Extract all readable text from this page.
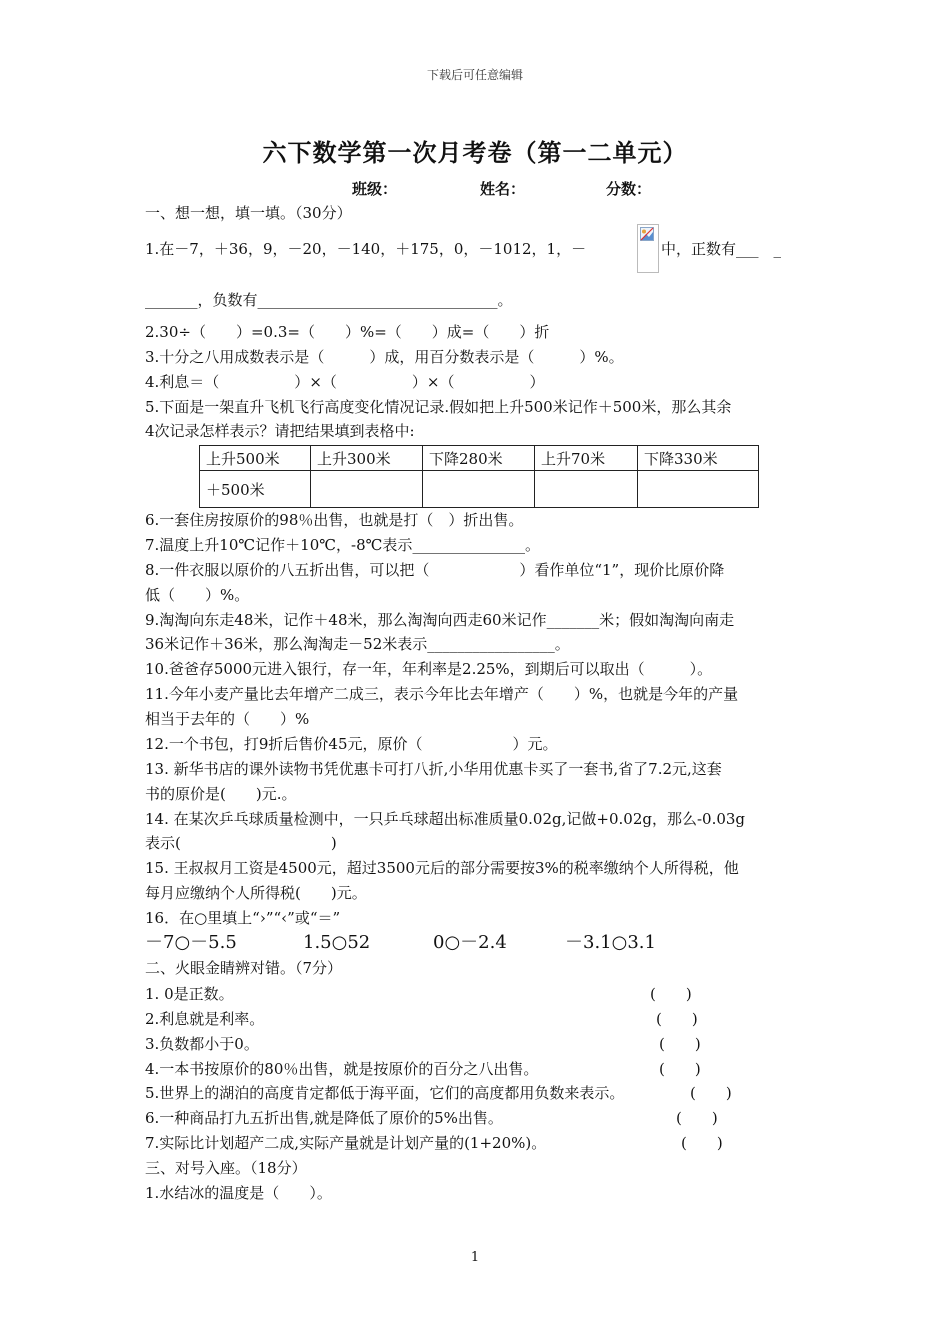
下载后可任意编辑
六下数学第一次月考卷（第一二单元）
班级：	姓名：	分数：
一、想一想，填一填。（30分）
1.在－7，＋36，9，－20，－140，＋175，0，－1012，1，－	中，正数有___　_
_______，负数有________________________________。
2.30÷（　　）=0.3=（　　）%=（　　）成=（　　）折
3.十分之八用成数表示是（　　　）成，用百分数表示是（　　　）%。
4.利息＝（　　　　　）×（　　　　　）×（　　　　　）
5.下面是一架直升飞机飞行高度变化情况记录.假如把上升500米记作＋500米，那么其余
4次记录怎样表示？请把结果填到表格中:
上升500米	上升300米	下降280米	上升70米	下降330米
＋500米				
6.一套住房按原价的98％出售，也就是打（　）折出售。
7.温度上升10℃记作＋10℃，-8℃表示_______________。
8.一件衣服以原价的八五折出售，可以把（　　　　　　）看作单位“1”，现价比原价降
低（　　）%。
9.淘淘向东走48米，记作＋48米，那么淘淘向西走60米记作_______米；假如淘淘向南走
36米记作＋36米，那么淘淘走－52米表示_________________。
10.爸爸存5000元进入银行，存一年，年利率是2.25%，到期后可以取出（　　　）。
11.今年小麦产量比去年增产二成三，表示今年比去年增产（　　）%，也就是今年的产量
相当于去年的（　　）%
12.一个书包，打9折后售价45元，原价（　　　　　　）元。
13. 新华书店的课外读物书凭优惠卡可打八折,小华用优惠卡买了一套书,省了7.2元,这套
书的原价是(　　)元.。
14. 在某次乒乓球质量检测中，一只乒乓球超出标准质量0.02g,记做+0.02g，那么-0.03g
表示(　　　　　　　　　　)
15. 王叔叔月工资是4500元，超过3500元后的部分需要按3%的税率缴纳个人所得税，他
每月应缴纳个人所得税(　　)元。
16．在○里填上“›”“‹”或“＝”
－7○－5.5	1.5○52	0○－2.4	－3.1○3.1
二、火眼金睛辨对错。（7分）
1. 0是正数。	(　　)
2.利息就是利率。	(　　)
3.负数都小于0。	(　　)
4.一本书按原价的80％出售，就是按原价的百分之八出售。	(　　)
5.世界上的湖泊的高度肯定都低于海平面，它们的高度都用负数来表示。	(　　)
6.一种商品打九五折出售,就是降低了原价的5%出售。	(　　)
7.实际比计划超产二成,实际产量就是计划产量的(1+20%)。	(　　)
三、对号入座。（18分）
1.水结冰的温度是（　　）。
1
